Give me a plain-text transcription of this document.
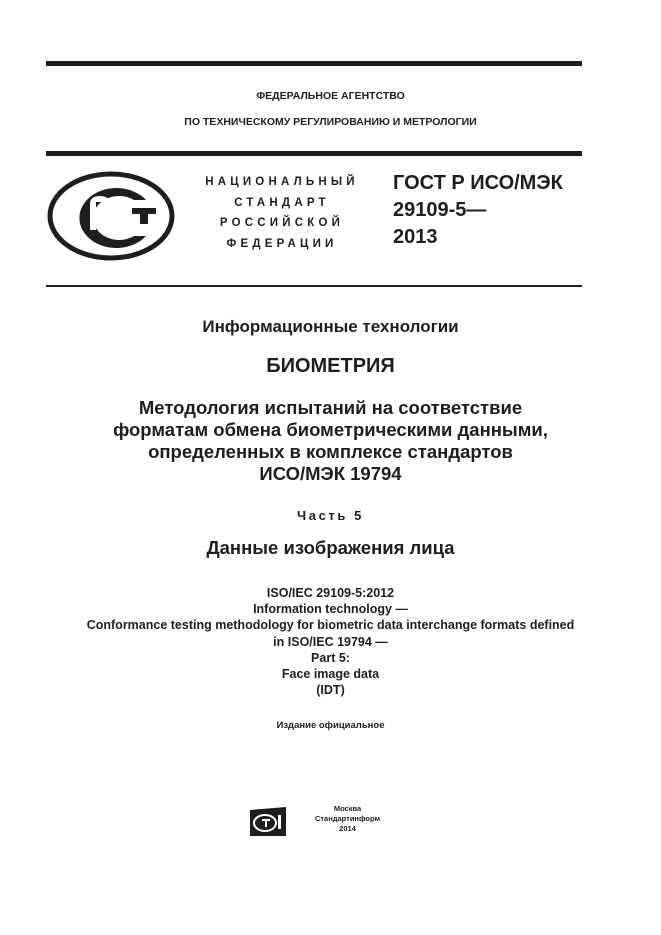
ФЕДЕРАЛЬНОЕ АГЕНТСТВО
ПО ТЕХНИЧЕСКОМУ РЕГУЛИРОВАНИЮ И МЕТРОЛОГИИ
НАЦИОНАЛЬНЫЙ
СТАНДАРТ
РОССИЙСКОЙ
ФЕДЕРАЦИИ
ГОСТ Р ИСО/МЭК
29109-5—
2013
Информационные технологии
БИОМЕТРИЯ
Методология испытаний на соответствие
форматам обмена биометрическими данными,
определенных в комплексе стандартов
ИСО/МЭК 19794
Часть 5
Данные изображения лица
ISO/IEC 29109-5:2012
Information technology —
Conformance testing methodology for biometric data interchange formats defined
in ISO/IEC 19794 —
Part 5:
Face image data
(IDT)
Издание официальное
Москва
Стандартинформ
2014
